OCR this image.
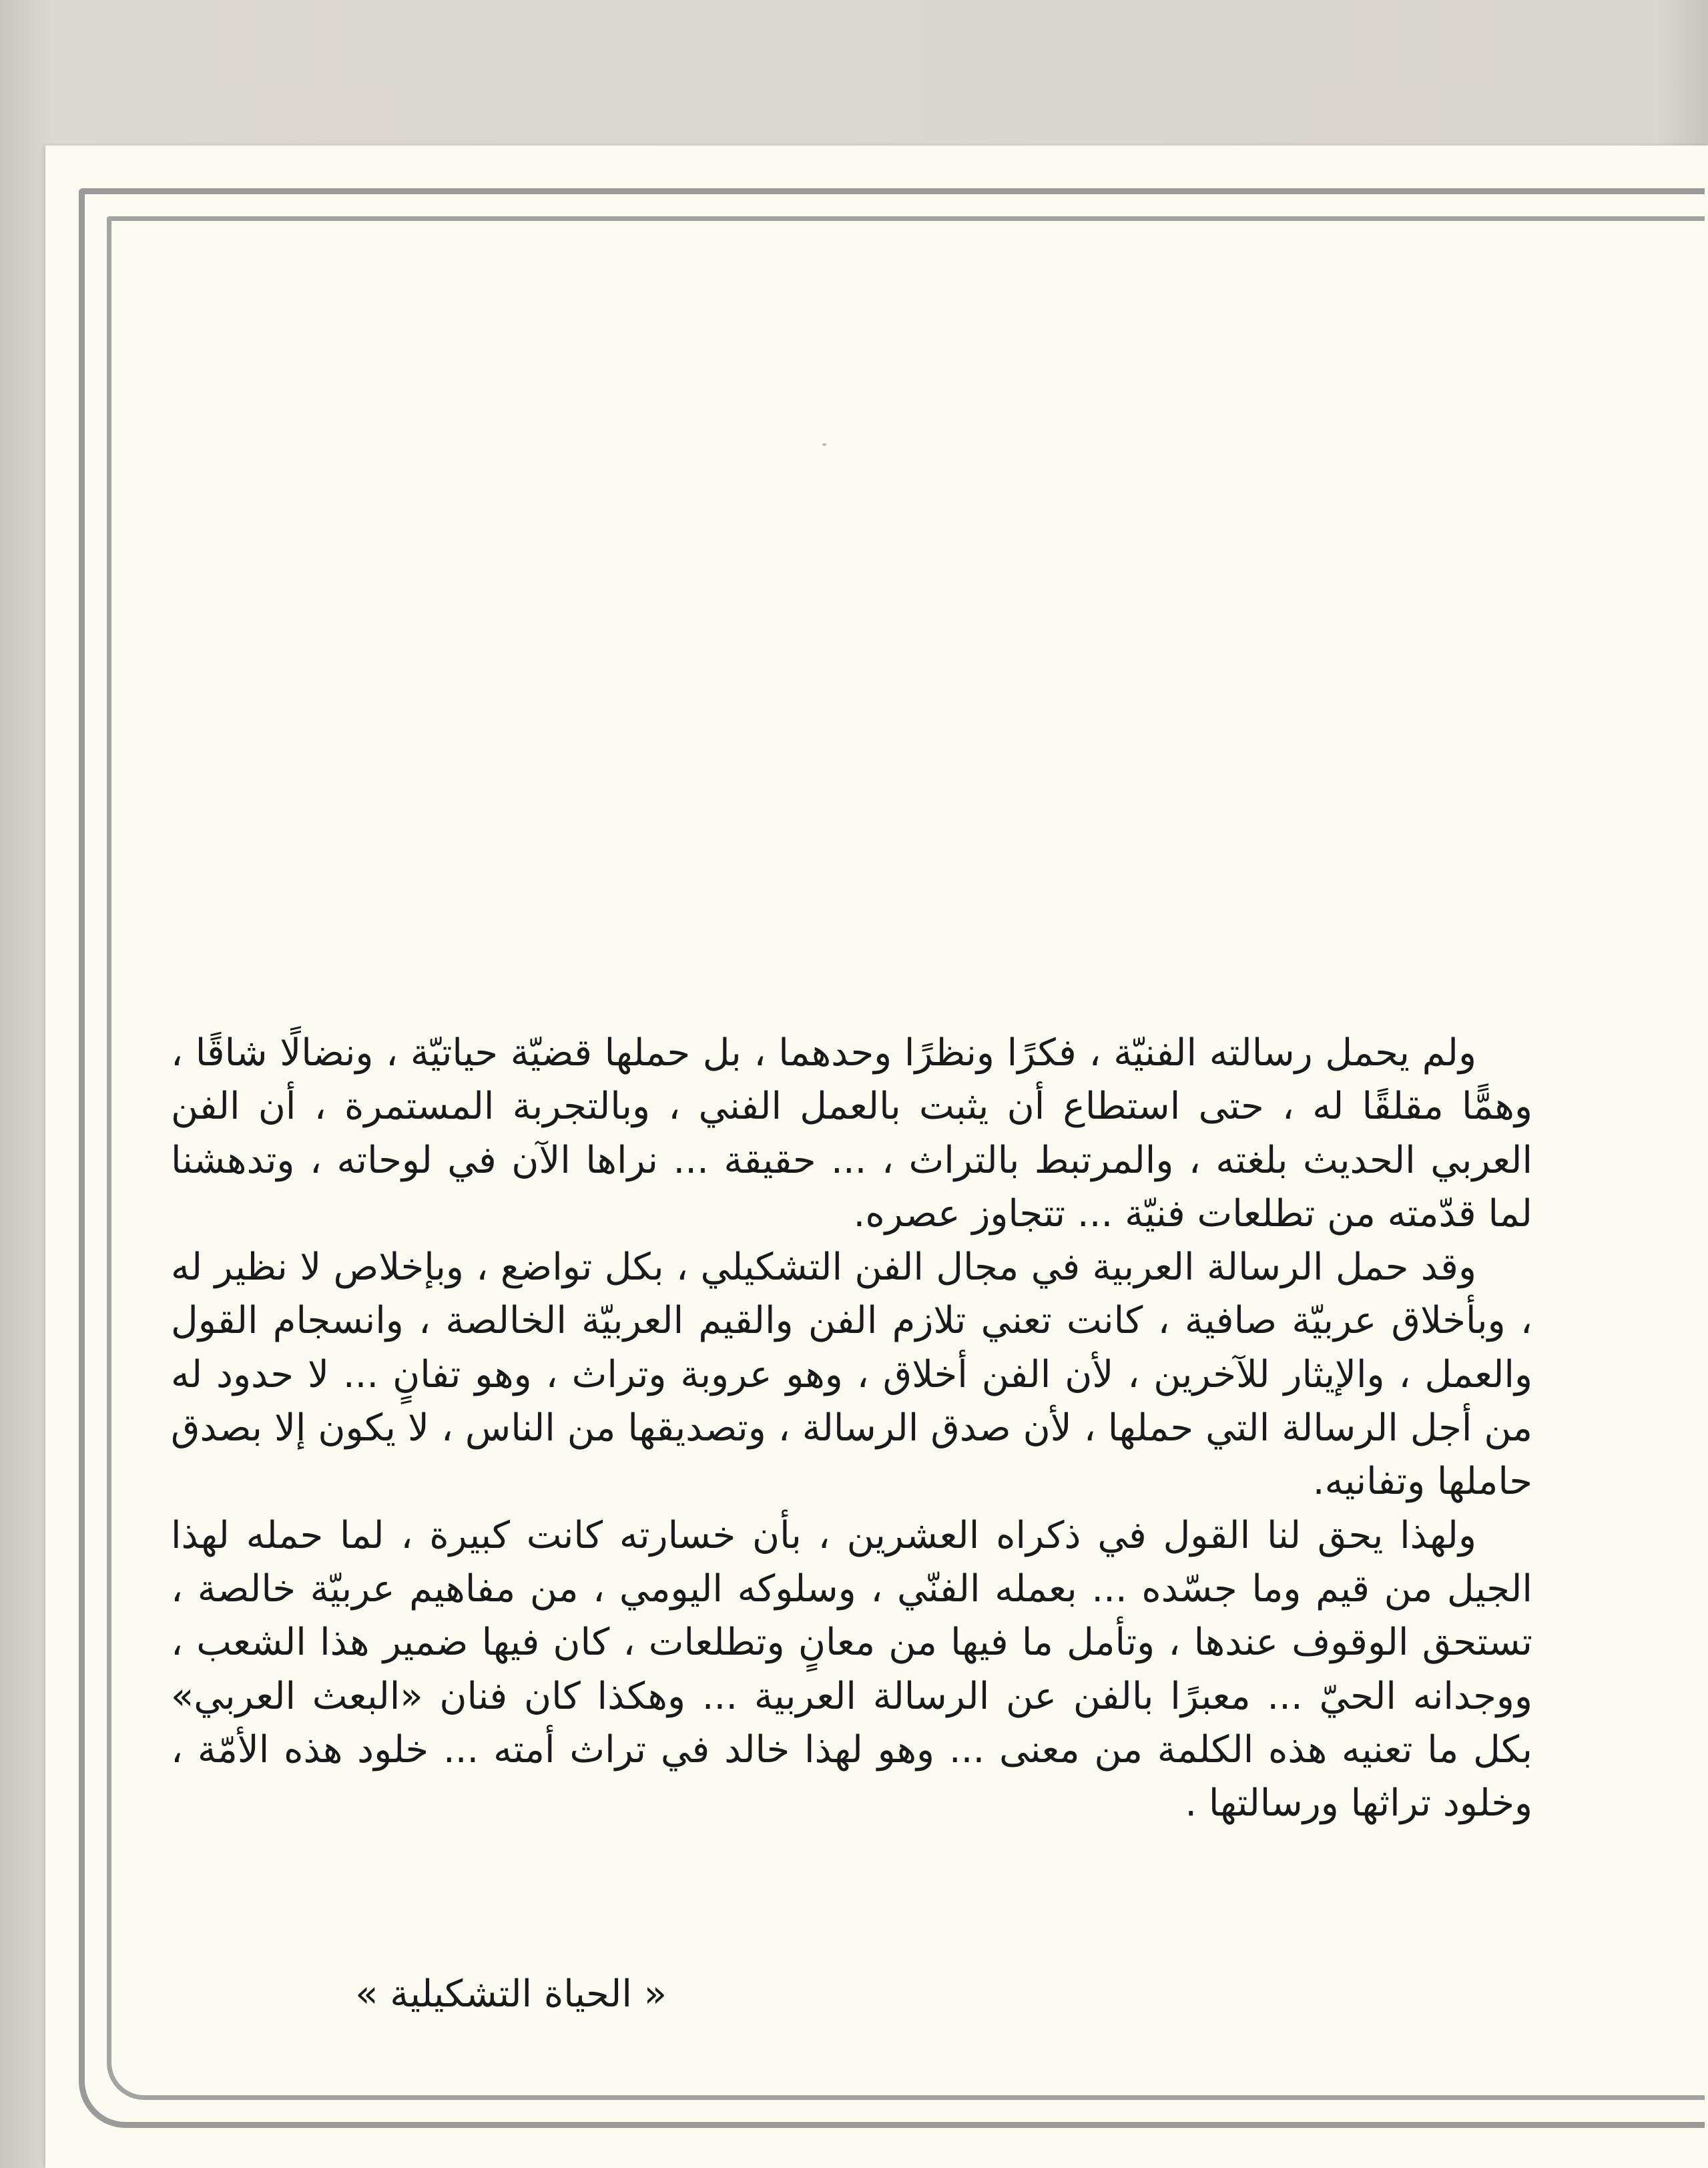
ولم يحمل رسالته الفنيّة ، فكرًا ونظرًا وحدهما ، بل حملها قضيّة حياتيّة ، ونضالًا شاقًا ، وهمًّا مقلقًا له ، حتى استطاع أن يثبت بالعمل الفني ، وبالتجربة المستمرة ، أن الفن العربي الحديث بلغته ، والمرتبط بالتراث ، ... حقيقة ... نراها الآن في لوحاته ، وتدهشنا لما قدّمته من تطلعات فنيّة ... تتجاوز عصره.

وقد حمل الرسالة العربية في مجال الفن التشكيلي ، بكل تواضع ، وبإخلاص لا نظير له ، وبأخلاق عربيّة صافية ، كانت تعني تلازم الفن والقيم العربيّة الخالصة ، وانسجام القول والعمل ، والإيثار للآخرين ، لأن الفن أخلاق ، وهو عروبة وتراث ، وهو تفانٍ ... لا حدود له من أجل الرسالة التي حملها ، لأن صدق الرسالة ، وتصديقها من الناس ، لا يكون إلا بصدق حاملها وتفانيه.

ولهذا يحق لنا القول في ذكراه العشرين ، بأن خسارته كانت كبيرة ، لما حمله لهذا الجيل من قيم وما جسّده ... بعمله الفنّي ، وسلوكه اليومي ، من مفاهيم عربيّة خالصة ، تستحق الوقوف عندها ، وتأمل ما فيها من معانٍ وتطلعات ، كان فيها ضمير هذا الشعب ، ووجدانه الحيّ ... معبرًا بالفن عن الرسالة العربية ... وهكذا كان فنان «البعث العربي» بكل ما تعنيه هذه الكلمة من معنى ... وهو لهذا خالد في تراث أمته ... خلود هذه الأمّة ، وخلود تراثها ورسالتها .

« الحياة التشكيلية »
